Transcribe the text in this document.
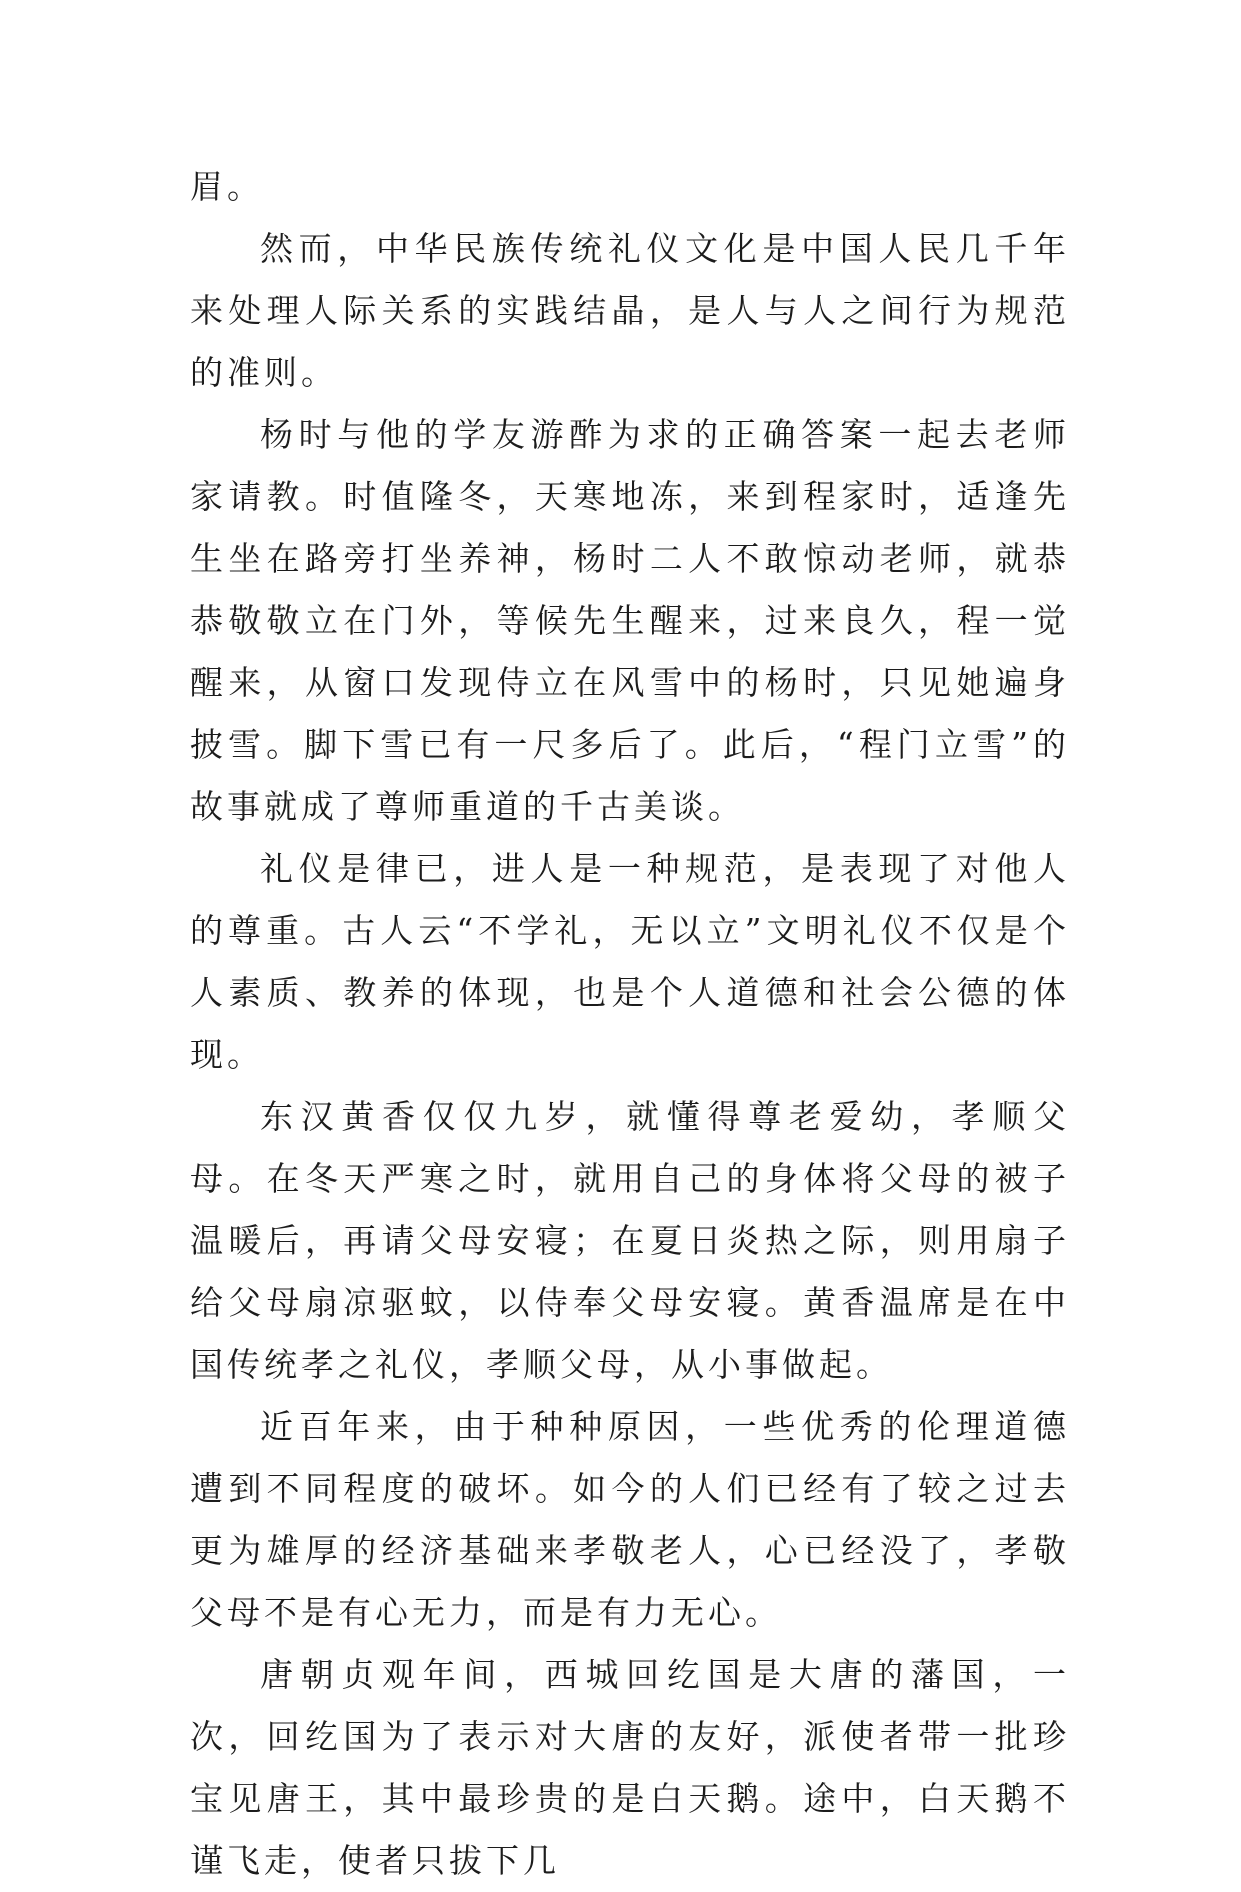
眉。

然而，中华民族传统礼仪文化是中国人民几千年来处理人际关系的实践结晶，是人与人之间行为规范的准则。

杨时与他的学友游酢为求的正确答案一起去老师家请教。时值隆冬，天寒地冻，来到程家时，适逢先生坐在路旁打坐养神，杨时二人不敢惊动老师，就恭恭敬敬立在门外，等候先生醒来，过来良久，程一觉醒来，从窗口发现侍立在风雪中的杨时，只见她遍身披雪。脚下雪已有一尺多后了。此后，“程门立雪”的故事就成了尊师重道的千古美谈。

礼仪是律已，进人是一种规范，是表现了对他人的尊重。古人云“不学礼，无以立”文明礼仪不仅是个人素质、教养的体现，也是个人道德和社会公德的体现。

东汉黄香仅仅九岁，就懂得尊老爱幼，孝顺父母。在冬天严寒之时，就用自己的身体将父母的被子温暖后，再请父母安寝；在夏日炎热之际，则用扇子给父母扇凉驱蚊，以侍奉父母安寝。黄香温席是在中国传统孝之礼仪，孝顺父母，从小事做起。

近百年来，由于种种原因，一些优秀的伦理道德遭到不同程度的破坏。如今的人们已经有了较之过去更为雄厚的经济基础来孝敬老人，心已经没了，孝敬父母不是有心无力，而是有力无心。

唐朝贞观年间，西城回纥国是大唐的藩国，一次，回纥国为了表示对大唐的友好，派使者带一批珍宝见唐王，其中最珍贵的是白天鹅。途中，白天鹅不谨飞走，使者只拔下几
